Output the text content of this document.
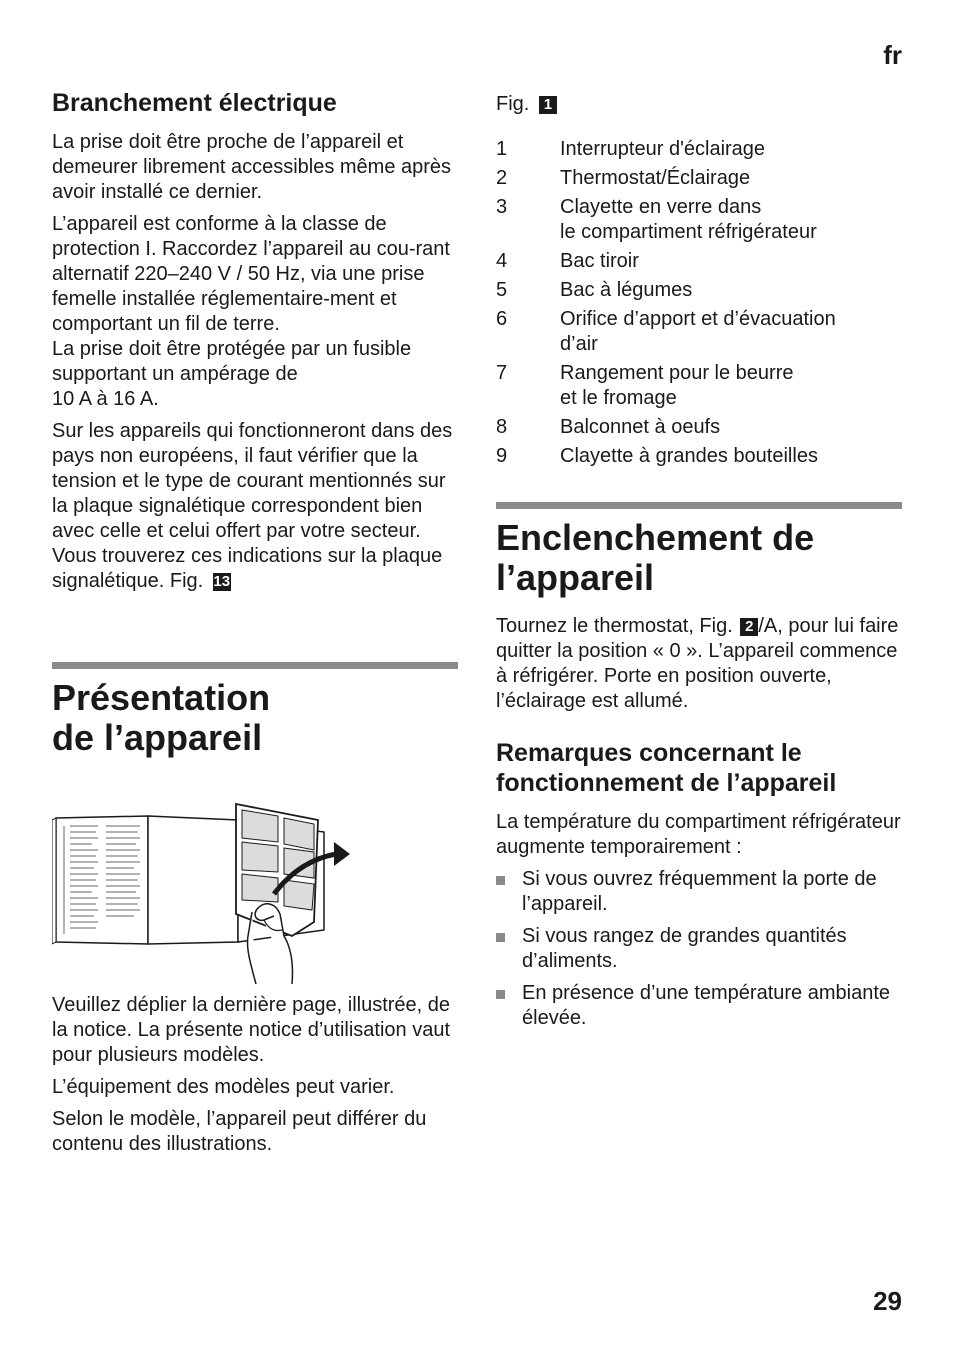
fr
29
Branchement électrique

La prise doit être proche de l’appareil et demeurer librement accessibles même après avoir installé ce dernier.

L’appareil est conforme à la classe de protection I. Raccordez l’appareil au cou-rant alternatif 220–240 V / 50 Hz, via une prise femelle installée réglementaire-ment et comportant un fil de terre.
La prise doit être protégée par un fusible supportant un ampérage de
10 A à 16 A.

Sur les appareils qui fonctionneront dans des pays non européens, il faut vérifier que la tension et le type de courant mentionnés sur la plaque signalétique correspondent bien avec celle et celui offert par votre secteur. Vous trouverez ces indications sur la plaque signalétique. Fig. 13

Présentation
de l’appareil

Veuillez déplier la dernière page, illustrée, de la notice. La présente notice d’utilisation vaut pour plusieurs modèles.

L’équipement des modèles peut varier.

Selon le modèle, l’appareil peut différer du contenu des illustrations.

Fig. 1

1	Interrupteur d'éclairage
2	Thermostat/Éclairage
3	Clayette en verre dans
le compartiment réfrigérateur
4	Bac tiroir
5	Bac à légumes
6	Orifice d’apport et d’évacuation
d’air
7	Rangement pour le beurre
et le fromage
8	Balconnet à oeufs
9	Clayette à grandes bouteilles
Enclenchement de
l’appareil

Tournez le thermostat, Fig. 2 /A, pour lui faire quitter la position « 0 ». L’appareil commence à réfrigérer. Porte en position ouverte, l’éclairage est allumé.

Remarques concernant le fonctionnement de l’appareil

La température du compartiment réfrigérateur augmente temporairement :

Si vous ouvrez fréquemment la porte de l’appareil.
Si vous rangez de grandes quantités d’aliments.
En présence d’une température ambiante élevée.
